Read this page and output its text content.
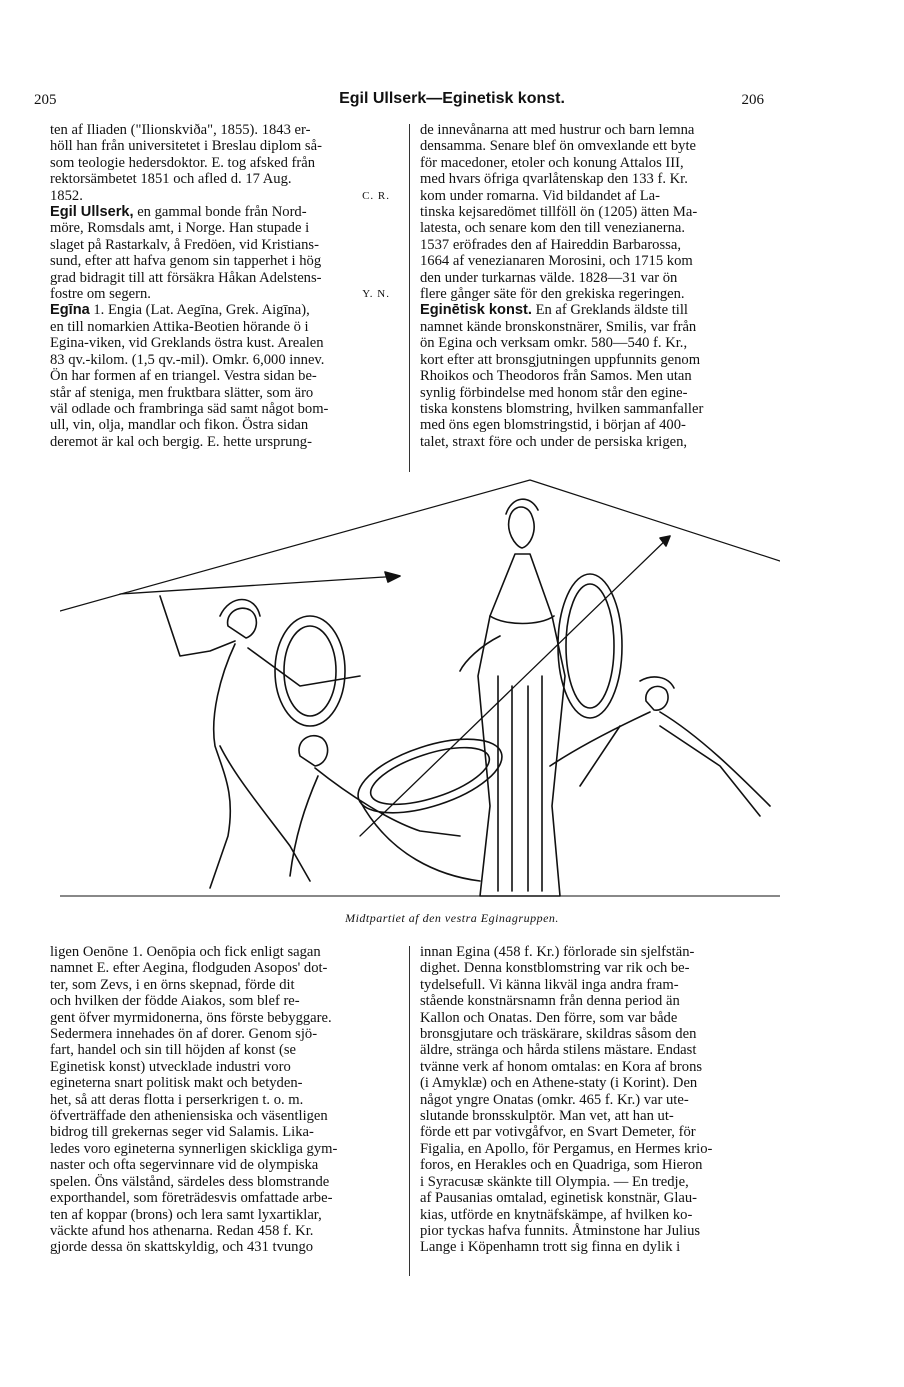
205	Egil Ullserk—Eginetisk konst.	206

ten af Iliaden ("Ilionskviða", 1855). 1843 er-
höll han från universitetet i Breslau diplom så-
som teologie hedersdoktor. E. tog afsked från
rektorsämbetet 1851 och afled d. 17 Aug.
1852.	C. R.

Egil Ullserk, en gammal bonde från Nord-
möre, Romsdals amt, i Norge. Han stupade i
slaget på Rastarkalv, å Fredöen, vid Kristians-
sund, efter att hafva genom sin tapperhet i hög
grad bidragit till att försäkra Håkan Adelstens-
fostre om segern.	Y. N.

Egīna 1. Engia (Lat. Aegīna, Grek. Aigīna),
en till nomarkien Attika-Beotien hörande ö i
Egina-viken, vid Greklands östra kust. Arealen
83 qv.-kilom. (1,5 qv.-mil). Omkr. 6,000 innev.
Ön har formen af en triangel. Vestra sidan be-
står af steniga, men fruktbara slätter, som äro
väl odlade och frambringa säd samt något bom-
ull, vin, olja, mandlar och fikon. Östra sidan
deremot är kal och bergig. E. hette ursprung-

de innevånarna att med hustrur och barn lemna
densamma. Senare blef ön omvexlande ett byte
för macedoner, etoler och konung Attalos III,
med hvars öfriga qvarlåtenskap den 133 f. Kr.
kom under romarna. Vid bildandet af La-
tinska kejsaredömet tillföll ön (1205) ätten Ma-
latesta, och senare kom den till venezianerna.
1537 eröfrades den af Haireddin Barbarossa,
1664 af venezianaren Morosini, och 1715 kom
den under turkarnas välde. 1828—31 var ön
flere gånger säte för den grekiska regeringen.

Eginētisk konst. En af Greklands äldste till
namnet kände bronskonstnärer, Smilis, var från
ön Egina och verksam omkr. 580—540 f. Kr.,
kort efter att bronsgjutningen uppfunnits genom
Rhoikos och Theodoros från Samos. Men utan
synlig förbindelse med honom står den egine-
tiska konstens blomstring, hvilken sammanfaller
med öns egen blomstringstid, i början af 400-
talet, straxt före och under de persiska krigen,

Midtpartiet af den vestra Eginagruppen.

ligen Oenōne 1. Oenōpia och fick enligt sagan
namnet E. efter Aegina, flodguden Asopos' dot-
ter, som Zevs, i en örns skepnad, förde dit
och hvilken der födde Aiakos, som blef re-
gent öfver myrmidonerna, öns förste bebyggare.
Sedermera innehades ön af dorer. Genom sjö-
fart, handel och sin till höjden af konst (se
Eginetisk konst) utvecklade industri voro
egineterna snart politisk makt och betyden-
het, så att deras flotta i perserkrigen t. o. m.
öfverträffade den atheniensiska och väsentligen
bidrog till grekernas seger vid Salamis. Lika-
ledes voro egineterna synnerligen skickliga gym-
naster och ofta segervinnare vid de olympiska
spelen. Öns välstånd, särdeles dess blomstrande
exporthandel, som företrädesvis omfattade arbe-
ten af koppar (brons) och lera samt lyxartiklar,
väckte afund hos athenarna. Redan 458 f. Kr.
gjorde dessa ön skattskyldig, och 431 tvungo

innan Egina (458 f. Kr.) förlorade sin sjelfstän-
dighet. Denna konstblomstring var rik och be-
tydelsefull. Vi känna likväl inga andra fram-
stående konstnärsnamn från denna period än
Kallon och Onatas. Den förre, som var både
bronsgjutare och träskärare, skildras såsom den
äldre, stränga och hårda stilens mästare. Endast
tvänne verk af honom omtalas: en Kora af brons
(i Amyklæ) och en Athene-staty (i Korint). Den
något yngre Onatas (omkr. 465 f. Kr.) var ute-
slutande bronsskulptör. Man vet, att han ut-
förde ett par votivgåfvor, en Svart Demeter, för
Figalia, en Apollo, för Pergamus, en Hermes krio-
foros, en Herakles och en Quadriga, som Hieron
i Syracusæ skänkte till Olympia. — En tredje,
af Pausanias omtalad, eginetisk konstnär, Glau-
kias, utförde en knytnäfskämpe, af hvilken ko-
pior tyckas hafva funnits. Åtminstone har Julius
Lange i Köpenhamn trott sig finna en dylik i
